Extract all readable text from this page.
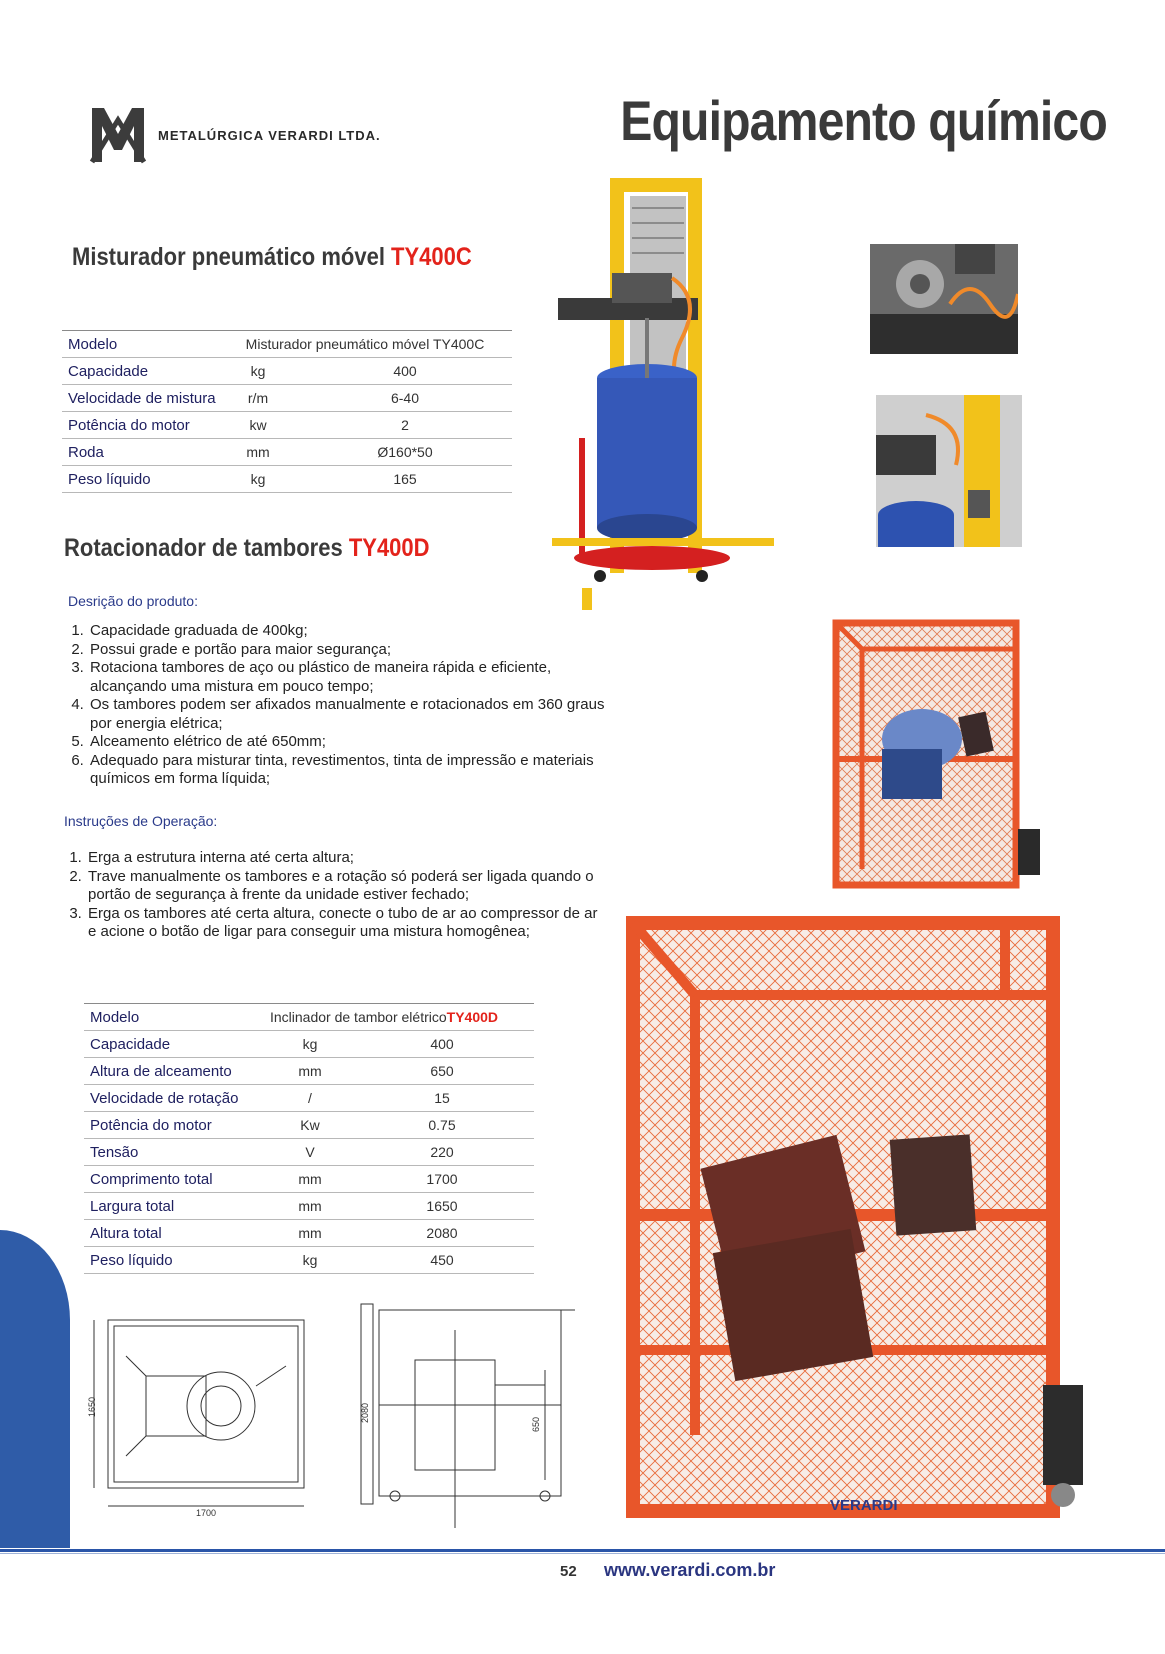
METALÚRGICA VERARDI LTDA.	Equipamento químico
Misturador pneumático móvel TY400C
Modelo	Misturador pneumático móvel TY400C	
Capacidade	kg	400
Velocidade de mistura	r/m	6-40
Potência do motor	kw	2
Roda	mm	Ø160*50
Peso líquido	kg	165
Rotacionador de tambores TY400D
Desrição do produto:
1. Capacidade graduada de 400kg;
2. Possui grade e portão para maior segurança;
3. Rotaciona tambores de aço ou plástico de maneira rápida e eficiente, alcançando uma mistura em pouco tempo;
4. Os tambores podem ser afixados manualmente e rotacionados em 360 graus por energia elétrica;
5. Alceamento elétrico de até 650mm;
6. Adequado para misturar tinta, revestimentos, tinta de impressão e materiais químicos em forma líquida;
Instruções de Operação:
1. Erga a estrutura interna até certa altura;
2. Trave manualmente os tambores e a rotação só poderá ser ligada quando o portão de segurança à frente da unidade estiver fechado;
3. Erga os tambores até certa altura, conecte o tubo de ar ao compressor de ar e acione o botão de ligar para conseguir uma mistura homogênea;
Modelo	Inclinador de tambor elétricoTY400D	
Capacidade	kg	400
Altura de alceamento	mm	650
Velocidade de rotação	/	15
Potência do motor	Kw	0.75
Tensão	V	220
Comprimento total	mm	1700
Largura total	mm	1650
Altura total	mm	2080
Peso líquido	kg	450
VERARDI
1650
1700
2080
650
52 www.verardi.com.br
